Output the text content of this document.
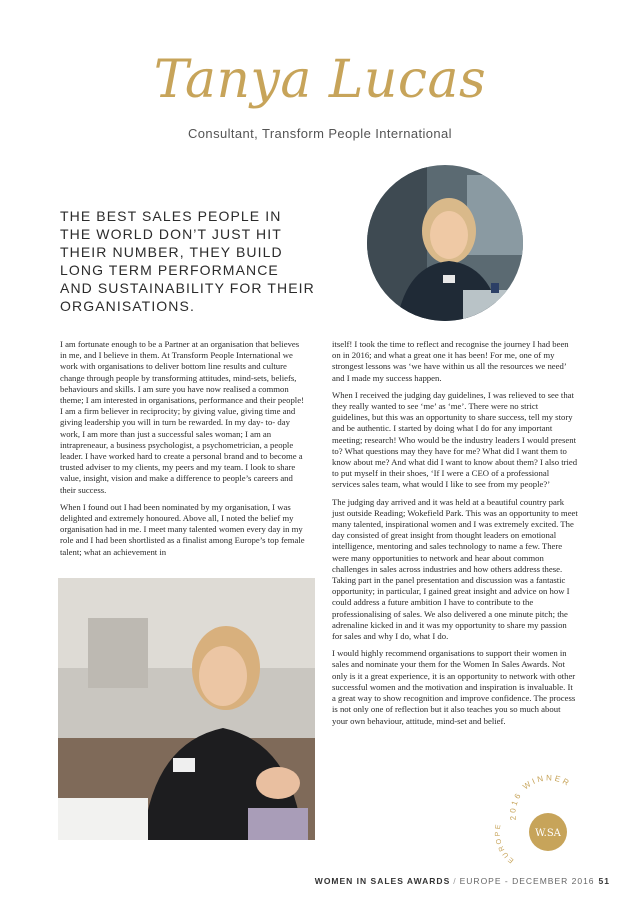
Tanya Lucas
Consultant, Transform People International
THE BEST SALES PEOPLE IN THE WORLD DON’T JUST HIT THEIR NUMBER, THEY BUILD LONG TERM PERFORMANCE AND SUSTAINABILITY FOR THEIR ORGANISATIONS.

I am fortunate enough to be a Partner at an organisation that believes in me, and I believe in them. At Transform People International we work with organisations to deliver bottom line results and culture change through people by transforming attitudes, mind-sets, beliefs, behaviours and skills. I am sure you have now realised a common theme; I am interested in organisations, performance and their people! I am a firm believer in reciprocity; by giving value, giving time and giving leadership you will in turn be rewarded. In my day- to- day work, I am more than just a successful sales woman; I am an intrapreneaur, a business psychologist, a psychometrician, a people leader. I have worked hard to create a personal brand and to become a trusted adviser to my clients, my peers and my team. I look to share value, insight, vision and make a difference to people’s careers and their success.

When I found out I had been nominated by my organisation, I was delighted and extremely honoured. Above all, I noted the belief my organisation had in me. I meet many talented women every day in my role and I had been shortlisted as a finalist among Europe’s top female talent; what an achievement in

itself! I took the time to reflect and recognise the journey I had been on in 2016; and what a great one it has been! For me, one of my strongest lessons was ‘we have within us all the resources we need’ and I made my success happen.

When I received the judging day guidelines, I was relieved to see that they really wanted to see ‘me’ as ‘me’. There were no strict guidelines, but this was an opportunity to share success, tell my story and be authentic. I started by doing what I do for any important meeting; research! Who would be the industry leaders I would present to? What questions may they have for me? What did I want them to know about me? And what did I want to know about them? I also tried to put myself in their shoes, ‘If I were a CEO of a professional services sales team, what would I like to see from my people?’

The judging day arrived and it was held at a beautiful country park just outside Reading; Wokefield Park. This was an opportunity to meet many talented, inspirational women and I was extremely excited. The day consisted of great insight from thought leaders on emotional intelligence, mentoring and sales technology to name a few. There were many opportunities to network and hear about common challenges in sales across industries and how others address these. Taking part in the panel presentation and discussion was a fantastic opportunity; in particular, I gained great insight and advice on how I could address a future ambition I have to contribute to the professionalising of sales. We also delivered a one minute pitch; the adrenaline kicked in and it was my opportunity to share my passion for sales and why I do, what I do.

I would highly recommend organisations to support their women in sales and nominate your them for the Women In Sales Awards. Not only is it a great experience, it is an opportunity to network with other successful women and the motivation and inspiration is invaluable. It a great way to show recognition and improve confidence. The process is not only one of reflection but it also teaches you so much about your own behaviour, attitude, mind-set and belief.

2016 WINNER
EUROPE
W.SA
WOMEN IN SALES AWARDS / EUROPE - DECEMBER 2016 51
